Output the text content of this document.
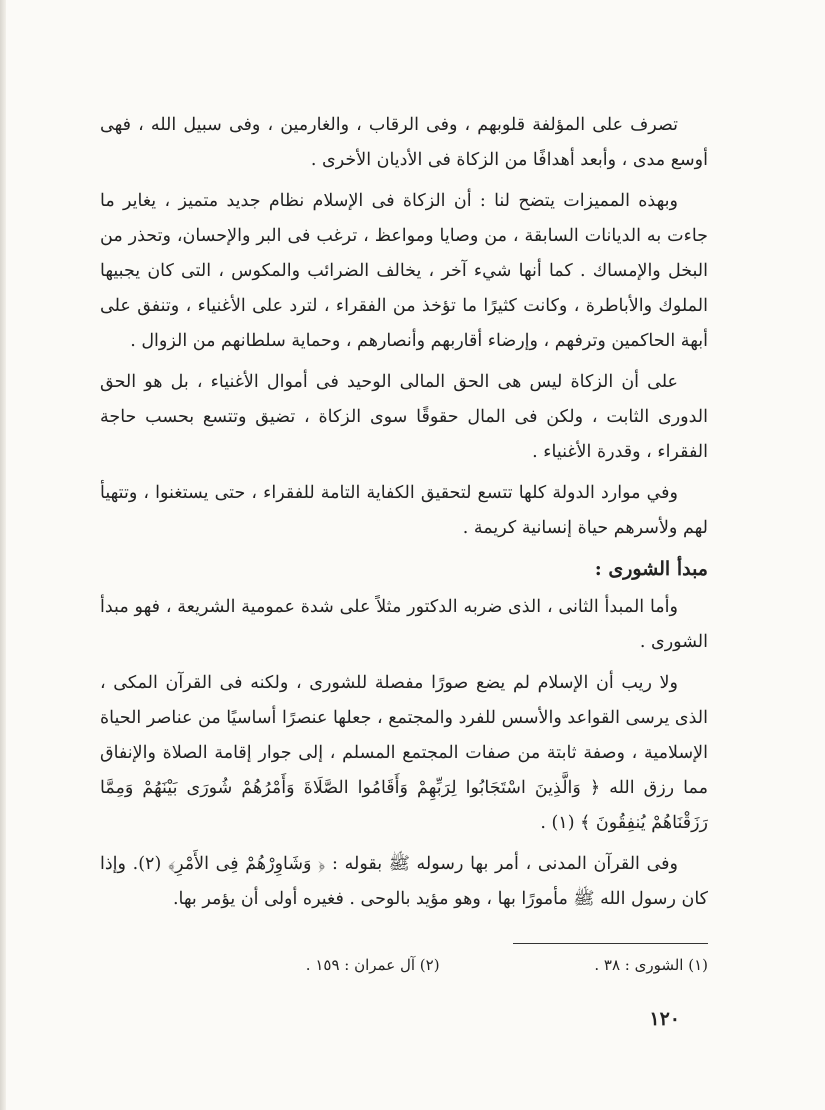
تصرف على المؤلفة قلوبهم ، وفى الرقاب ، والغارمين ، وفى سبيل الله ، فهى أوسع مدى ، وأبعد أهدافًا من الزكاة فى الأديان الأخرى .

وبهذه المميزات يتضح لنا : أن الزكاة فى الإسلام نظام جديد متميز ، يغاير ما جاءت به الديانات السابقة ، من وصايا ومواعظ ، ترغب فى البر والإحسان، وتحذر من البخل والإمساك . كما أنها شيء آخر ، يخالف الضرائب والمكوس ، التى كان يجبيها الملوك والأباطرة ، وكانت كثيرًا ما تؤخذ من الفقراء ، لترد على الأغنياء ، وتنفق على أبهة الحاكمين وترفهم ، وإرضاء أقاربهم وأنصارهم ، وحماية سلطانهم من الزوال .

على أن الزكاة ليس هى الحق المالى الوحيد فى أموال الأغنياء ، بل هو الحق الدورى الثابت ، ولكن فى المال حقوقًا سوى الزكاة ، تضيق وتتسع بحسب حاجة الفقراء ، وقدرة الأغنياء .

وفي موارد الدولة كلها تتسع لتحقيق الكفاية التامة للفقراء ، حتى يستغنوا ، وتتهيأ لهم ولأسرهم حياة إنسانية كريمة .

مبدأ الشورى :

وأما المبدأ الثانى ، الذى ضربه الدكتور مثلاً على شدة عمومية الشريعة ، فهو مبدأ الشورى .

ولا ريب أن الإسلام لم يضع صورًا مفصلة للشورى ، ولكنه فى القرآن المكى ، الذى يرسى القواعد والأسس للفرد والمجتمع ، جعلها عنصرًا أساسيًا من عناصر الحياة الإسلامية ، وصفة ثابتة من صفات المجتمع المسلم ، إلى جوار إقامة الصلاة والإنفاق مما رزق الله ﴿ وَالَّذِينَ اسْتَجَابُوا لِرَبِّهِمْ وَأَقَامُوا الصَّلَاةَ وَأَمْرُهُمْ شُورَى بَيْنَهُمْ وَمِمَّا رَزَقْنَاهُمْ يُنفِقُونَ ﴾ (١) .

وفى القرآن المدنى ، أمر بها رسوله ﷺ بقوله : ﴿ وَشَاوِرْهُمْ فِى الأَمْرِ﴾ (٢). وإذا كان رسول الله ﷺ مأمورًا بها ، وهو مؤيد بالوحى . فغيره أولى أن يؤمر بها.

(١) الشورى : ٣٨ . (٢) آل عمران : ١٥٩ .
١٢٠
